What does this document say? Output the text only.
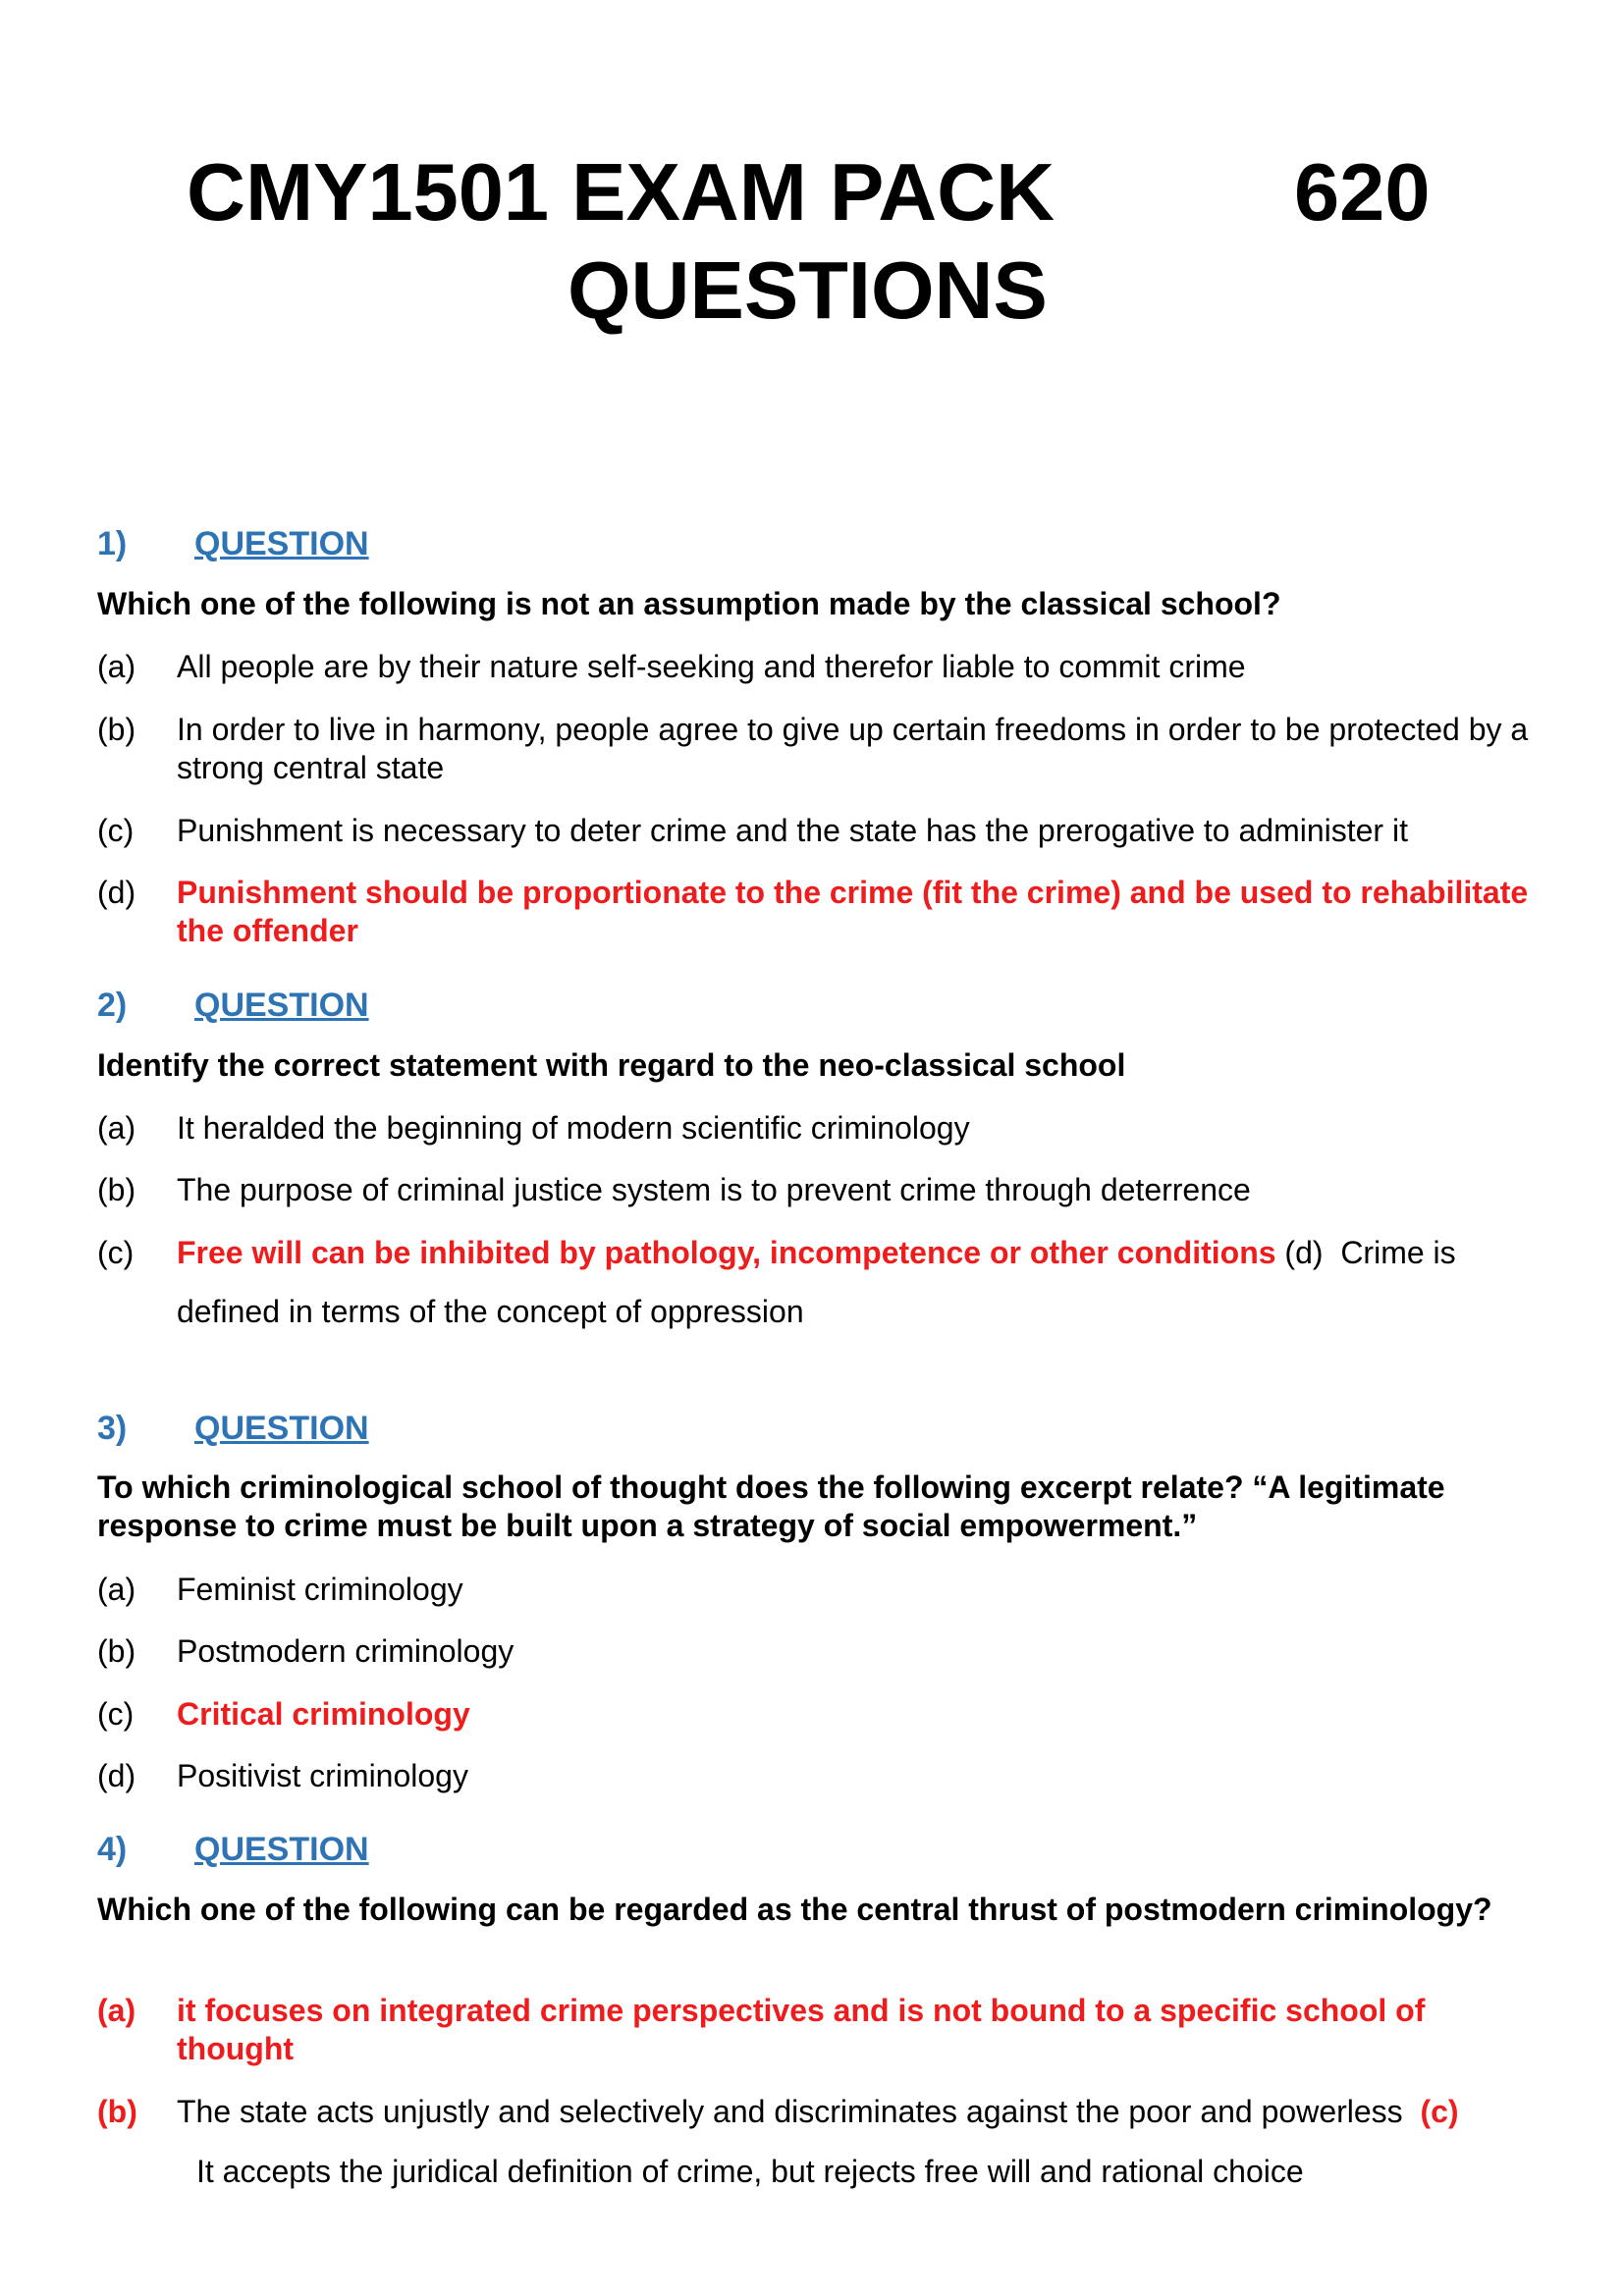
CMY1501 EXAM PACK	620
QUESTIONS
1) QUESTION
Which one of the following is not an assumption made by the classical school?
(a) All people are by their nature self-seeking and therefor liable to commit crime
(b) In order to live in harmony, people agree to give up certain freedoms in order to be protected by a strong central state
(c) Punishment is necessary to deter crime and the state has the prerogative to administer it
(d) Punishment should be proportionate to the crime (fit the crime) and be used to rehabilitate the offender
2) QUESTION
Identify the correct statement with regard to the neo-classical school
(a) It heralded the beginning of modern scientific criminology
(b) The purpose of criminal justice system is to prevent crime through deterrence
(c) Free will can be inhibited by pathology, incompetence or other conditions (d) Crime is
defined in terms of the concept of oppression
3) QUESTION
To which criminological school of thought does the following excerpt relate? “A legitimate response to crime must be built upon a strategy of social empowerment.”
(a) Feminist criminology
(b) Postmodern criminology
(c) Critical criminology
(d) Positivist criminology
4) QUESTION
Which one of the following can be regarded as the central thrust of postmodern criminology?
(a) it focuses on integrated crime perspectives and is not bound to a specific school of thought
(b) The state acts unjustly and selectively and discriminates against the poor and powerless (c)
It accepts the juridical definition of crime, but rejects free will and rational choice
